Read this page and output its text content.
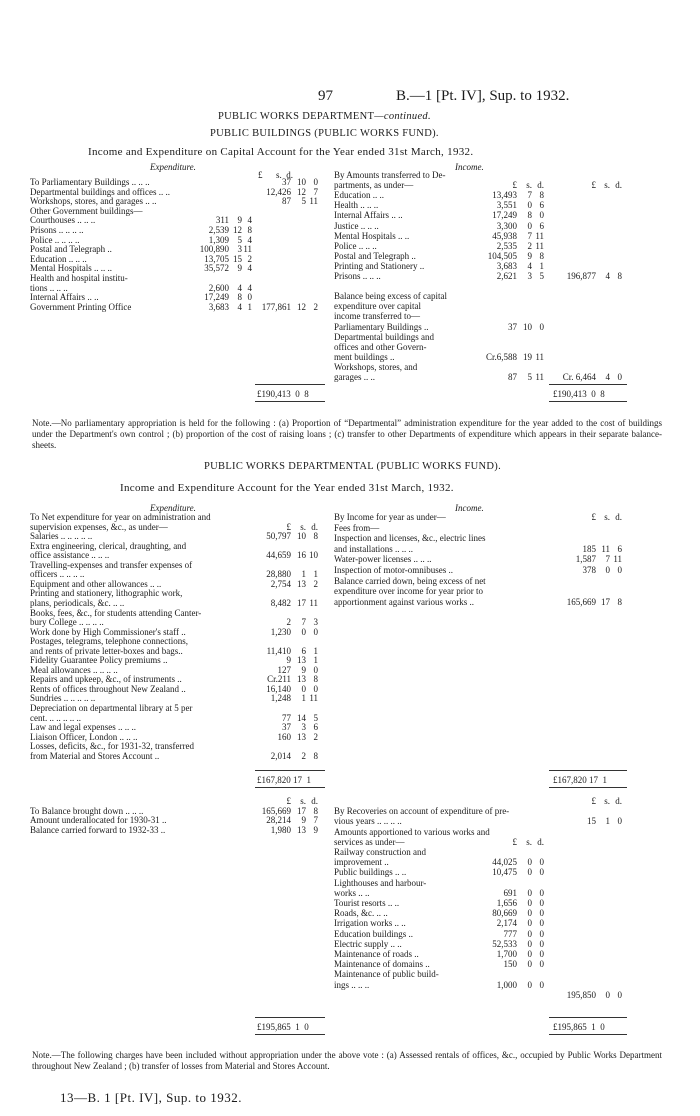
97	B.—1 [Pt. IV], Sup. to 1932.
PUBLIC WORKS DEPARTMENT—continued.
PUBLIC BUILDINGS (PUBLIC WORKS FUND).
Income and Expenditure on Capital Account for the Year ended 31st March, 1932.
Expenditure.	Income.
£ s. d.
To Parliamentary Buildings .. .. ..	37 10 0
Departmental buildings and offices .. ..	12,426 12 7
Workshops, stores, and garages .. ..	87	5 11
Other Government buildings—
Courthouses .. .. ..	311 9 4
Prisons .. .. .. ..	2,539 12 8
Police .. .. .. ..	1,309 5 4
Postal and Telegraph ..	100,890 3 11
Education .. .. ..	13,705 15 2
Mental Hospitals .. .. ..	35,572 9 4
Health and hospital institu-
tions .. .. ..	2,600 4 4
Internal Affairs .. ..	17,249 8 0
Government Printing Office	3,683 4 1	177,861 12 2
By Amounts transferred to De-
partments, as under—	£	s. d.	£ s. d.
Education .. ..	13,493	7 8
Health .. .. ..	3,551	0 6
Internal Affairs .. ..	17,249	8 0
Justice .. .. ..	3,300	0 6
Mental Hospitals .. ..	45,938	7 11
Police .. .. ..	2,535	2 11
Postal and Telegraph ..	104,505	9 8
Printing and Stationery ..	3,683	4 1
Prisons .. .. ..	2,621	3 5	196,877	4 8
Balance being excess of capital
expenditure over capital
income transferred to—
Parliamentary Buildings ..	37 10 0
Departmental buildings and
offices and other Govern-
ment buildings ..	Cr.6,588 19 11
Workshops, stores, and
garages .. ..	87	5 11	Cr. 6,464	4 0
£190,413  0  8	£190,413  0  8
Note.—No parliamentary appropriation is held for the following : (a) Proportion of “Departmental” administration expenditure for the year added to the cost of buildings under the Department's own control ; (b) proportion of the cost of raising loans ; (c) transfer to other Departments of expenditure which appears in their separate balance-sheets.
PUBLIC WORKS DEPARTMENTAL (PUBLIC WORKS FUND).
Income and Expenditure Account for the Year ended 31st March, 1932.
Expenditure.	Income.
To Net expenditure for year on administration and
supervision expenses, &c., as under—	£	s. d.
Salaries .. .. .. .. ..	50,797 10 8
Extra engineering, clerical, draughting, and
office assistance .. .. ..	44,659 16 10
Travelling-expenses and transfer expenses of
officers .. .. .. ..	28,880	1 1
Equipment and other allowances .. ..	2,754 13 2
Printing and stationery, lithographic work,
plans, periodicals, &c. .. ..	8,482 17 11
Books, fees, &c., for students attending Canter-
bury College .. .. .. ..	2	7 3
Work done by High Commissioner's staff ..	1,230	0 0
Postages, telegrams, telephone connections,
and rents of private letter-boxes and bags..	11,410	6 1
Fidelity Guarantee Policy premiums ..	9 13 1
Meal allowances .. .. .. ..	127	9 0
Repairs and upkeep, &c., of instruments ..	Cr.211 13 8
Rents of offices throughout New Zealand ..	16,140	0 0
Sundries .. .. .. .. ..	1,248	1 11
Depreciation on departmental library at 5 per
cent. .. .. .. .. ..	77 14 5
Law and legal expenses .. .. ..	37	3 6
Liaison Officer, London .. .. ..	160 13 2
Losses, deficits, &c., for 1931-32, transferred
from Material and Stores Account ..	2,014	2 8
By Income for year as under—	£ s. d.
Fees from—
Inspection and licenses, &c., electric lines
and installations .. .. ..	185 11 6
Water-power licenses .. .. ..	1,587	7 11
Inspection of motor-omnibuses ..	378	0 0
Balance carried down, being excess of net
expenditure over income for year prior to
apportionment against various works ..	165,669 17 8
£167,820 17  1	£167,820 17  1
£	s. d.
To Balance brought down .. .. ..	165,669 17 8
Amount underallocated for 1930-31 ..	28,214	9 7
Balance carried forward to 1932-33 ..	1,980 13 9
£ s. d.
By Recoveries on account of expenditure of pre-
vious years .. .. .. ..	15	1 0
Amounts apportioned to various works and
services as under—	£	s. d.
Railway construction and
improvement ..	44,025	0 0
Public buildings .. ..	10,475	0 0
Lighthouses and harbour-
works .. ..	691	0 0
Tourist resorts .. ..	1,656	0 0
Roads, &c. .. ..	80,669	0 0
Irrigation works .. ..	2,174	0 0
Education buildings ..	777	0 0
Electric supply .. ..	52,533	0 0
Maintenance of roads ..	1,700	0 0
Maintenance of domains ..	150	0 0
Maintenance of public build-
ings .. .. ..	1,000	0 0
195,850	0 0
£195,865  1  0	£195,865  1  0
Note.—The following charges have been included without appropriation under the above vote : (a) Assessed rentals of offices, &c., occupied by Public Works Department throughout New Zealand ; (b) transfer of losses from Material and Stores Account.
13—B. 1 [Pt. IV], Sup. to 1932.
